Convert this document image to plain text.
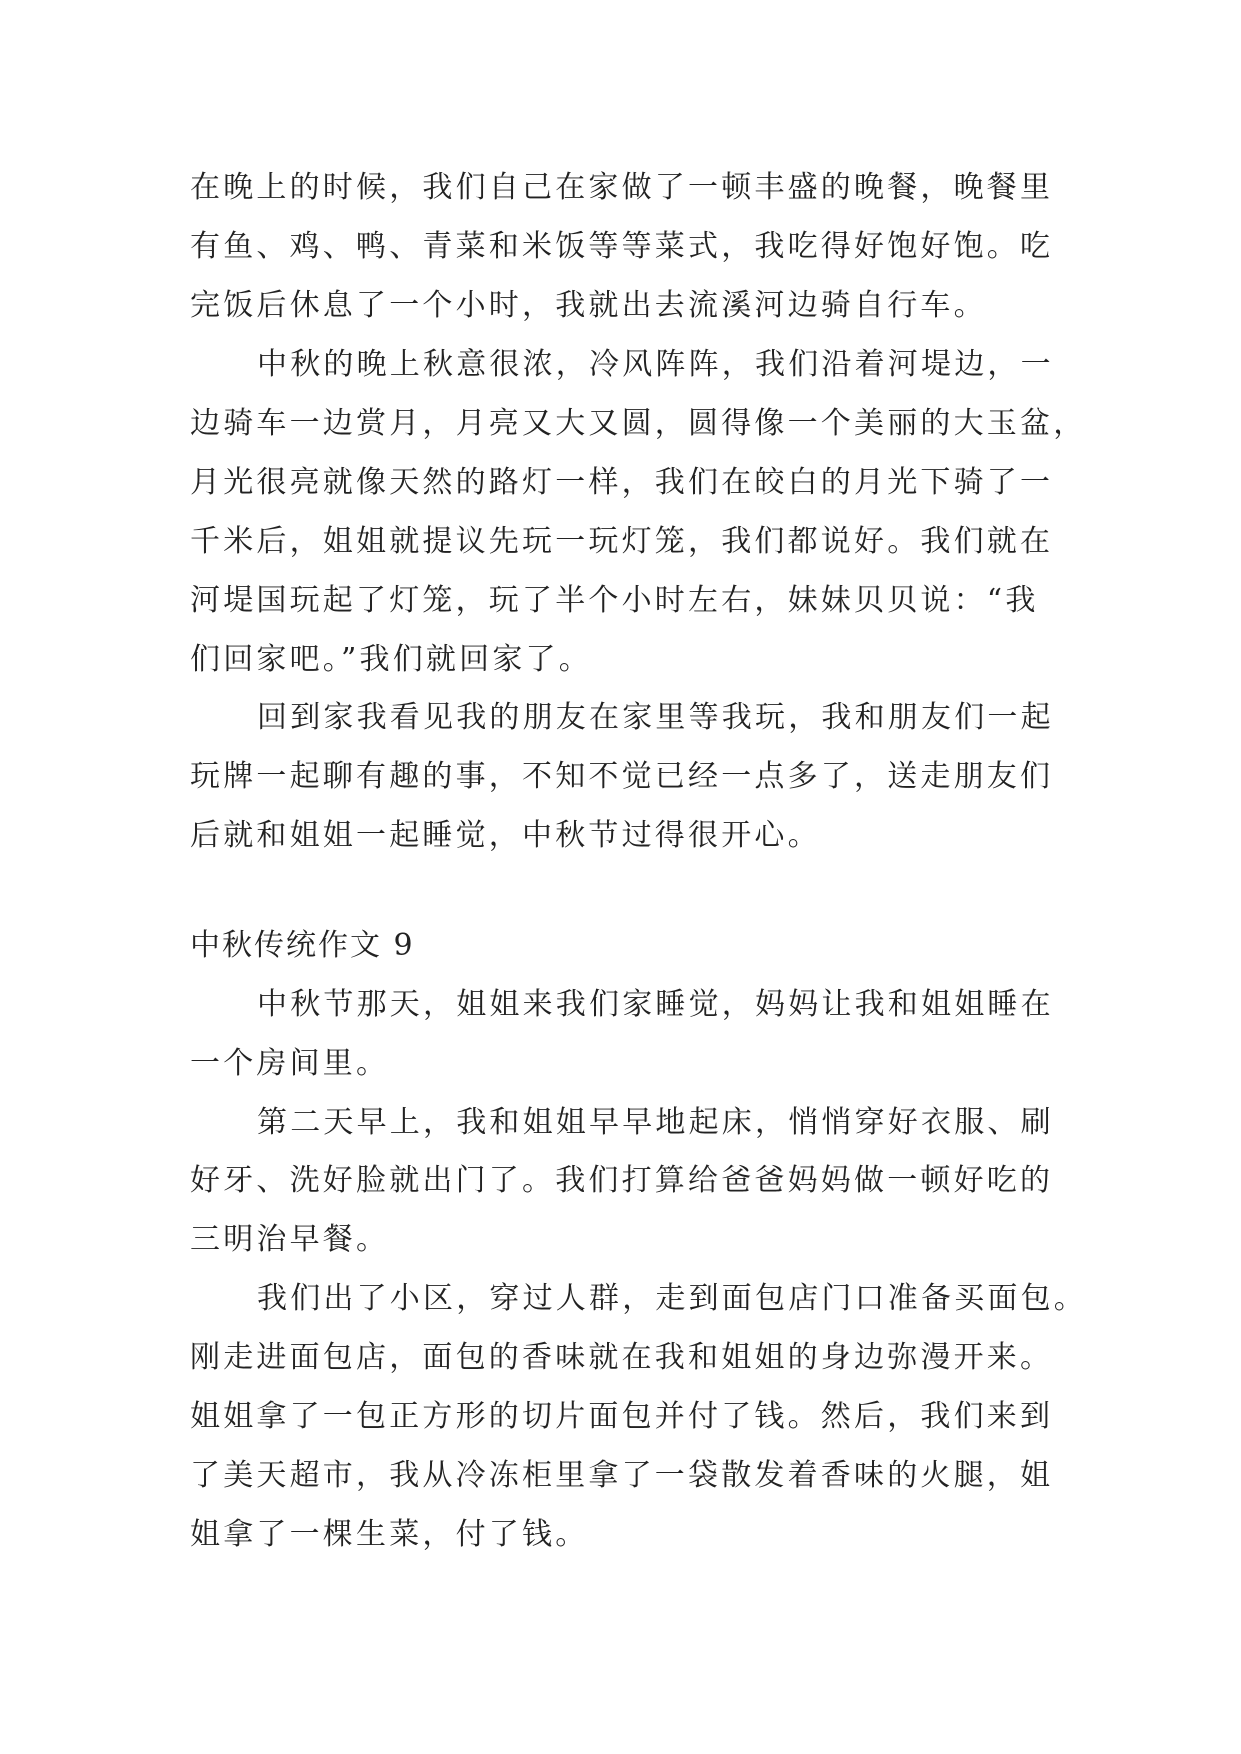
在晚上的时候，我们自己在家做了一顿丰盛的晚餐，晚餐里
有鱼、鸡、鸭、青菜和米饭等等菜式，我吃得好饱好饱。吃
完饭后休息了一个小时，我就出去流溪河边骑自行车。
中秋的晚上秋意很浓，冷风阵阵，我们沿着河堤边，一
边骑车一边赏月，月亮又大又圆，圆得像一个美丽的大玉盆，
月光很亮就像天然的路灯一样，我们在皎白的月光下骑了一
千米后，姐姐就提议先玩一玩灯笼，我们都说好。我们就在
河堤国玩起了灯笼，玩了半个小时左右，妹妹贝贝说：“我
们回家吧。”我们就回家了。
回到家我看见我的朋友在家里等我玩，我和朋友们一起
玩牌一起聊有趣的事，不知不觉已经一点多了，送走朋友们
后就和姐姐一起睡觉，中秋节过得很开心。
中秋传统作文 9
中秋节那天，姐姐来我们家睡觉，妈妈让我和姐姐睡在
一个房间里。
第二天早上，我和姐姐早早地起床，悄悄穿好衣服、刷
好牙、洗好脸就出门了。我们打算给爸爸妈妈做一顿好吃的
三明治早餐。
我们出了小区，穿过人群，走到面包店门口准备买面包。
刚走进面包店，面包的香味就在我和姐姐的身边弥漫开来。
姐姐拿了一包正方形的切片面包并付了钱。然后，我们来到
了美天超市，我从冷冻柜里拿了一袋散发着香味的火腿，姐
姐拿了一棵生菜，付了钱。
